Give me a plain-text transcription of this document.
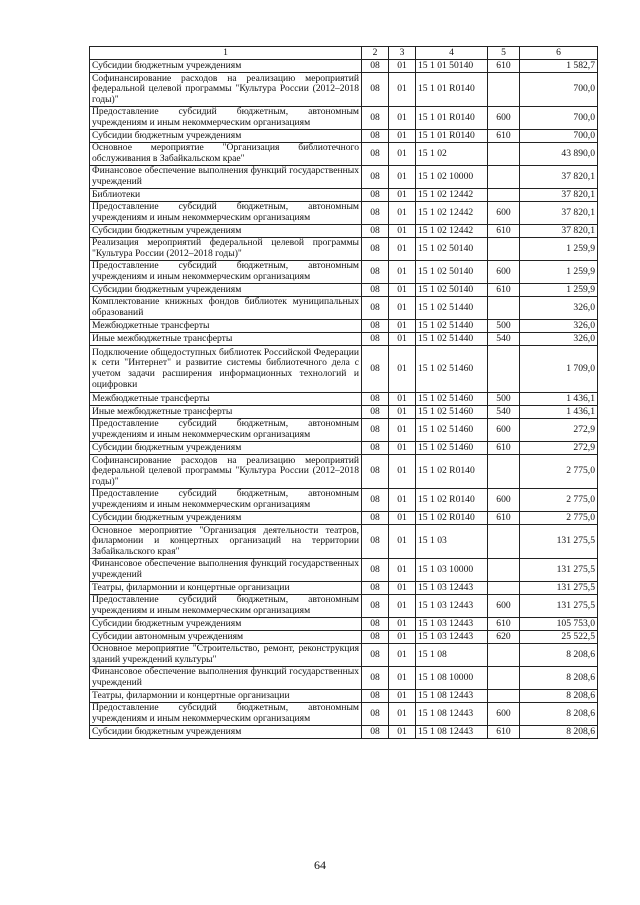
1	2	3	4	5	6
Субсидии бюджетным учреждениям	08	01	15 1 01 50140	610	1 582,7
Софинансирование расходов на реализацию мероприятий федеральной целевой программы "Культура России (2012–2018 годы)"	08	01	15 1 01 R0140		700,0
Предоставление субсидий бюджетным, автономным учреждениям и иным некоммерческим организациям	08	01	15 1 01 R0140	600	700,0
Субсидии бюджетным учреждениям	08	01	15 1 01 R0140	610	700,0
Основное мероприятие "Организация библиотечного обслуживания в Забайкальском крае"	08	01	15 1 02		43 890,0
Финансовое обеспечение выполнения функций государственных учреждений	08	01	15 1 02 10000		37 820,1
Библиотеки	08	01	15 1 02 12442		37 820,1
Предоставление субсидий бюджетным, автономным учреждениям и иным некоммерческим организациям	08	01	15 1 02 12442	600	37 820,1
Субсидии бюджетным учреждениям	08	01	15 1 02 12442	610	37 820,1
Реализация мероприятий федеральной целевой программы "Культура России (2012–2018 годы)"	08	01	15 1 02 50140		1 259,9
Предоставление субсидий бюджетным, автономным учреждениям и иным некоммерческим организациям	08	01	15 1 02 50140	600	1 259,9
Субсидии бюджетным учреждениям	08	01	15 1 02 50140	610	1 259,9
Комплектование книжных фондов библиотек муниципальных образований	08	01	15 1 02 51440		326,0
Межбюджетные трансферты	08	01	15 1 02 51440	500	326,0
Иные межбюджетные трансферты	08	01	15 1 02 51440	540	326,0
Подключение общедоступных библиотек Российской Федерации к сети "Интернет" и развитие системы библиотечного дела с учетом задачи расширения информационных технологий и оцифровки	08	01	15 1 02 51460		1 709,0
Межбюджетные трансферты	08	01	15 1 02 51460	500	1 436,1
Иные межбюджетные трансферты	08	01	15 1 02 51460	540	1 436,1
Предоставление субсидий бюджетным, автономным учреждениям и иным некоммерческим организациям	08	01	15 1 02 51460	600	272,9
Субсидии бюджетным учреждениям	08	01	15 1 02 51460	610	272,9
Софинансирование расходов на реализацию мероприятий федеральной целевой программы "Культура России (2012–2018 годы)"	08	01	15 1 02 R0140		2 775,0
Предоставление субсидий бюджетным, автономным учреждениям и иным некоммерческим организациям	08	01	15 1 02 R0140	600	2 775,0
Субсидии бюджетным учреждениям	08	01	15 1 02 R0140	610	2 775,0
Основное мероприятие "Организация деятельности театров, филармонии и концертных организаций на территории Забайкальского края"	08	01	15 1 03		131 275,5
Финансовое обеспечение выполнения функций государственных учреждений	08	01	15 1 03 10000		131 275,5
Театры, филармонии и концертные организации	08	01	15 1 03 12443		131 275,5
Предоставление субсидий бюджетным, автономным учреждениям и иным некоммерческим организациям	08	01	15 1 03 12443	600	131 275,5
Субсидии бюджетным учреждениям	08	01	15 1 03 12443	610	105 753,0
Субсидии автономным учреждениям	08	01	15 1 03 12443	620	25 522,5
Основное мероприятие "Строительство, ремонт, реконструкция зданий учреждений культуры"	08	01	15 1 08		8 208,6
Финансовое обеспечение выполнения функций государственных учреждений	08	01	15 1 08 10000		8 208,6
Театры, филармонии и концертные организации	08	01	15 1 08 12443		8 208,6
Предоставление субсидий бюджетным, автономным учреждениям и иным некоммерческим организациям	08	01	15 1 08 12443	600	8 208,6
Субсидии бюджетным учреждениям	08	01	15 1 08 12443	610	8 208,6
64
